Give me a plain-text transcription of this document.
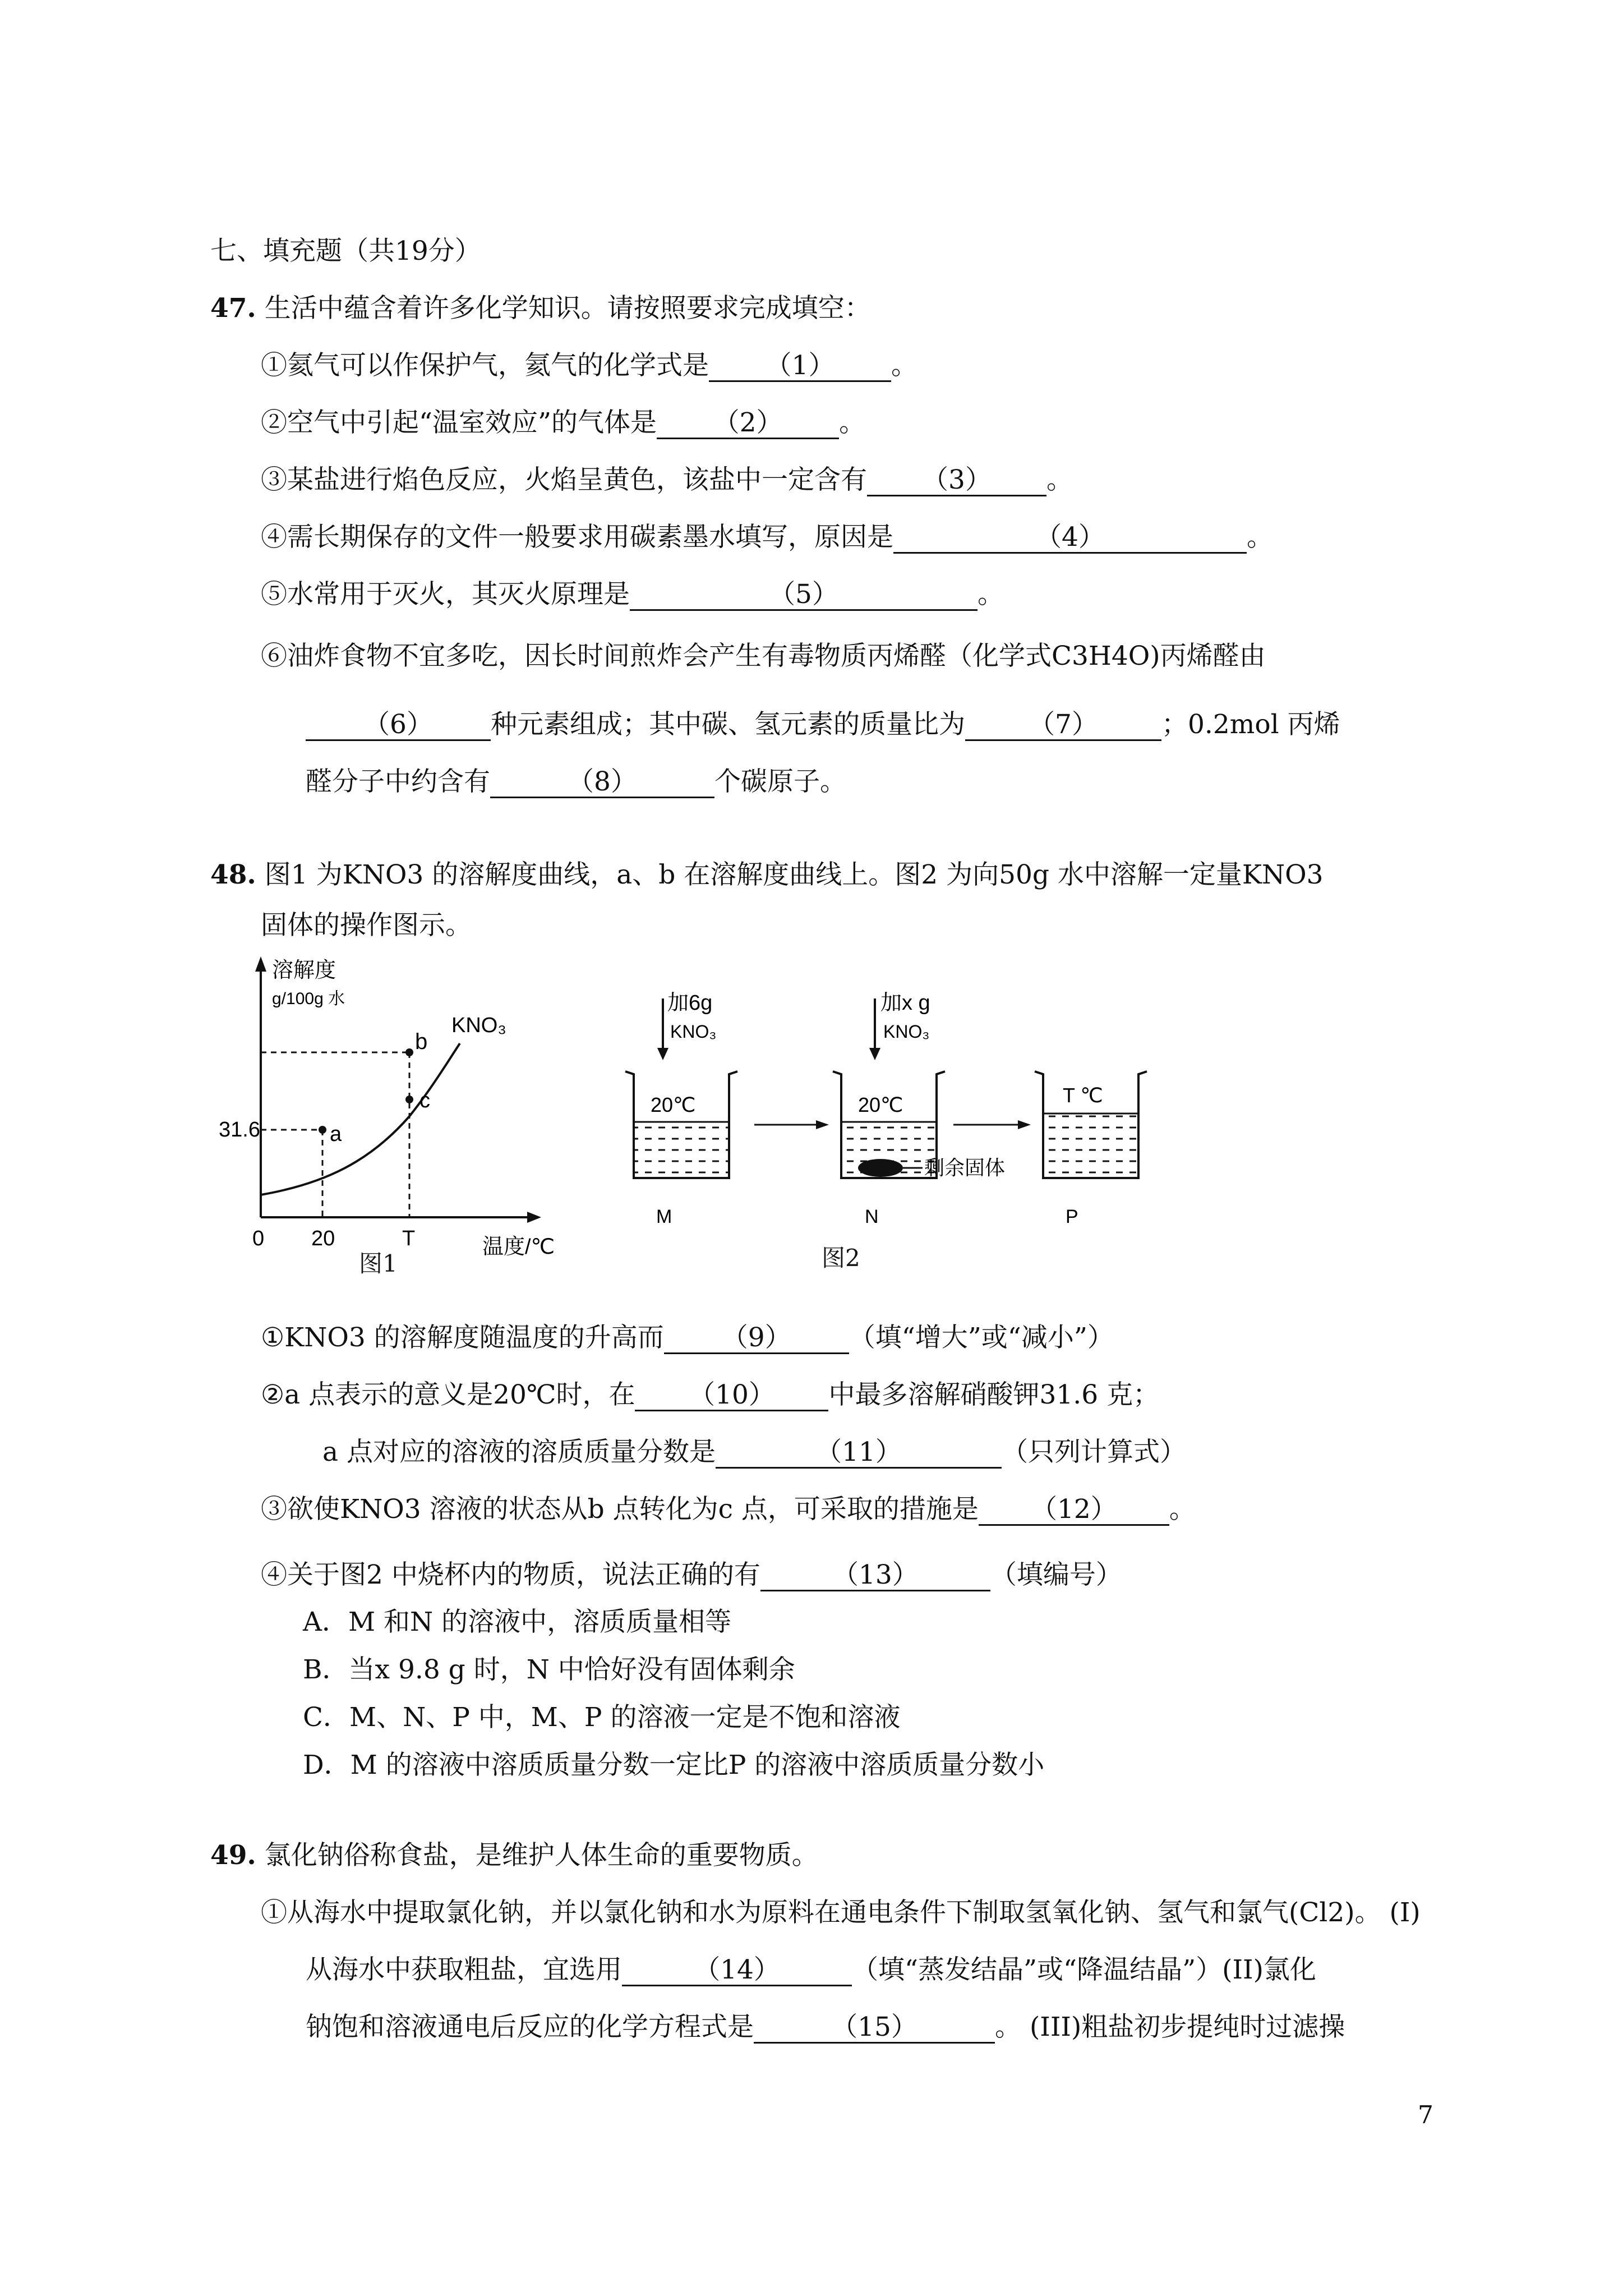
七、填充题（共19分）
47. 生活中蕴含着许多化学知识。请按照要求完成填空：
①氦气可以作保护气，氦气的化学式是 （1） 。
②空气中引起“温室效应”的气体是 （2） 。
③某盐进行焰色反应，火焰呈黄色，该盐中一定含有 （3） 。
④需长期保存的文件一般要求用碳素墨水填写，原因是	（4）	。
⑤水常用于灭火，其灭火原理是	（5）	。
⑥油炸食物不宜多吃，因长时间煎炸会产生有毒物质丙烯醛（化学式C3H4O)丙烯醛由
（6） 种元素组成；其中碳、氢元素的质量比为 （7） ；0.2mol 丙烯
醛分子中约含有	（8）	个碳原子。
48. 图1 为KNO3 的溶解度曲线，a、b 在溶解度曲线上。图2 为向50g 水中溶解一定量KNO3
固体的操作图示。
溶解度
g/100g 水
KNO₃
31.6
0 20	T
a
b
c
温度/℃
图1
加6g
KNO₃
加x g
KNO₃
20℃	20℃
剩余固体
T ℃
M	N	P
图2
①KNO3 的溶解度随温度的升高而 （9） （填“增大”或“减小”）
②a 点表示的意义是20℃时，在 （10） 中最多溶解硝酸钾31.6 克；
a 点对应的溶液的溶质质量分数是	（11）	（只列计算式）
③欲使KNO3 溶液的状态从b 点转化为c 点，可采取的措施是 （12） 。
④关于图2 中烧杯内的物质，说法正确的有	（13）	（填编号）
A．M 和N 的溶液中，溶质质量相等
B．当x 9.8 g 时，N 中恰好没有固体剩余
C．M、N、P 中，M、P 的溶液一定是不饱和溶液
D．M 的溶液中溶质质量分数一定比P 的溶液中溶质质量分数小
49. 氯化钠俗称食盐，是维护人体生命的重要物质。
①从海水中提取氯化钠，并以氯化钠和水为原料在通电条件下制取氢氧化钠、氢气和氯气(Cl2)。 (I)
从海水中获取粗盐，宜选用	（14）	（填“蒸发结晶”或“降温结晶”）(II)氯化
钠饱和溶液通电后反应的化学方程式是	（15）	。 (III)粗盐初步提纯时过滤操
7
